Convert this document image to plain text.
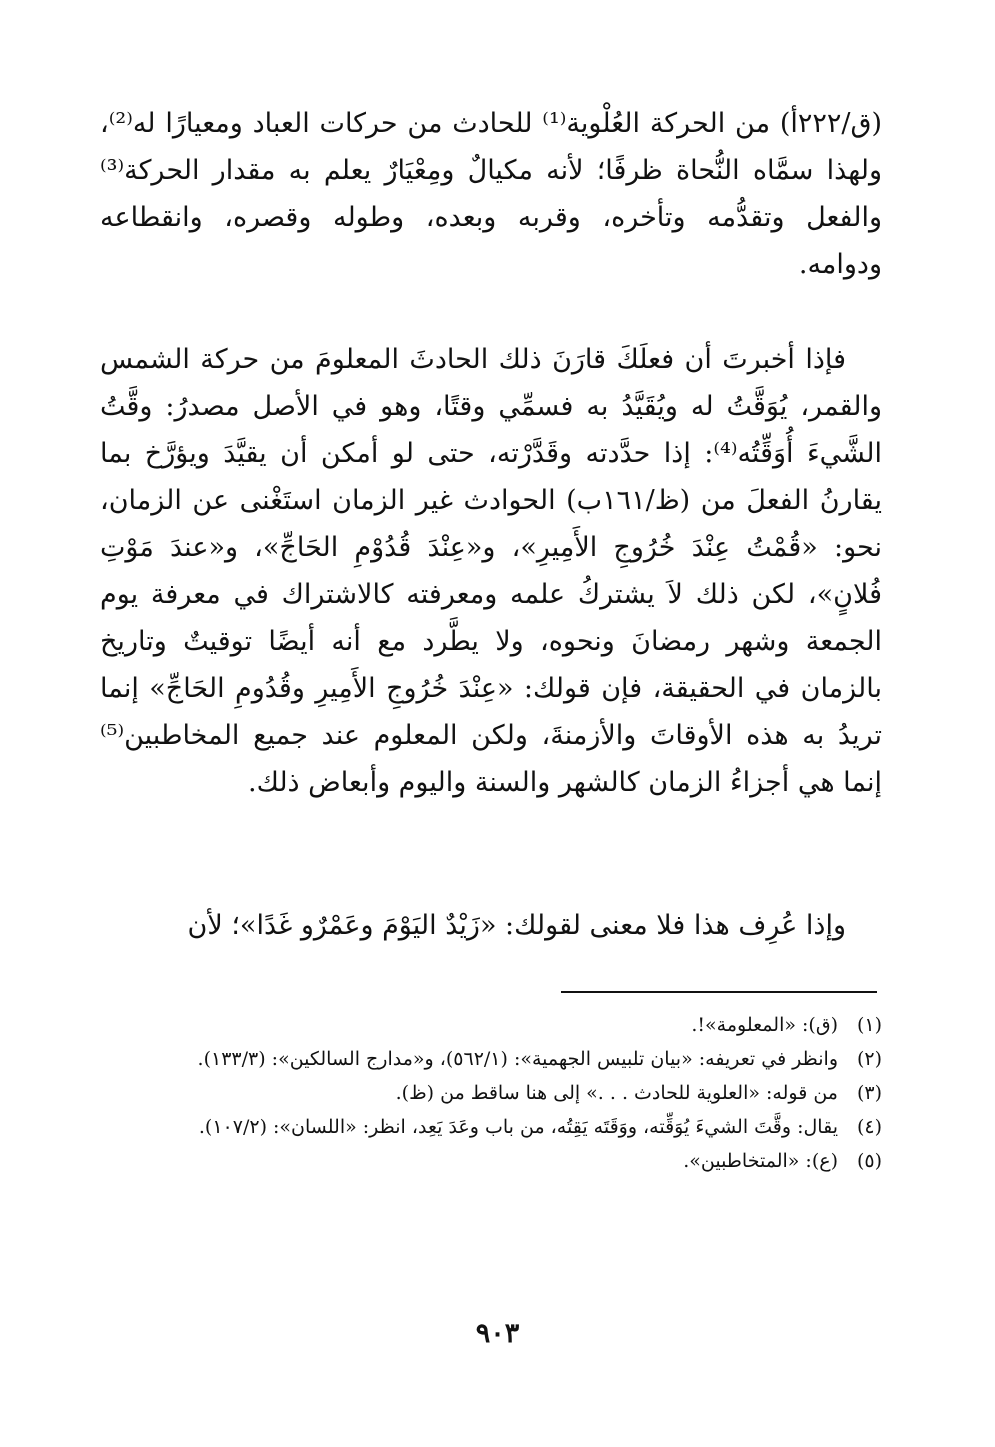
(ق/٢٢٢أ) من الحركة العُلْوية⁽¹⁾ للحادث من حركات العباد ومعيارًا له⁽²⁾، ولهذا سمَّاه النُّحاة ظرفًا؛ لأنه مكيالٌ ومِعْيَارٌ يعلم به مقدار الحركة⁽³⁾ والفعل وتقدُّمه وتأخره، وقربه وبعده، وطوله وقصره، وانقطاعه ودوامه.

فإذا أخبرتَ أن فعلَكَ قارَنَ ذلك الحادثَ المعلومَ من حركة الشمس والقمر، يُوَقَّتُ له ويُقَيَّدُ به فسمِّي وقتًا، وهو في الأصل مصدرُ: وقَّتُ الشَّيءَ أُوَقِّتُه⁽⁴⁾: إذا حدَّدته وقَدَّرْته، حتى لو أمكن أن يقيَّدَ ويؤرَّخ بما يقارنُ الفعلَ من (ظ/١٦١ب) الحوادث غير الزمان استَغْنى عن الزمان، نحو: «قُمْتُ عِنْدَ خُرُوجِ الأَمِيرِ»، و«عِنْدَ قُدُوْمِ الحَاجِّ»، و«عندَ مَوْتِ فُلانٍ»، لكن ذلك لاَ يشتركُ علمه ومعرفته كالاشتراك في معرفة يوم الجمعة وشهر رمضانَ ونحوه، ولا يطَّرد مع أنه أيضًا توقيتٌ وتاريخ بالزمان في الحقيقة، فإن قولك: «عِنْدَ خُرُوجِ الأَمِيرِ وقُدُومِ الحَاجِّ» إنما تريدُ به هذه الأوقاتَ والأزمنةَ، ولكن المعلوم عند جميع المخاطبين⁽⁵⁾ إنما هي أجزاءُ الزمان كالشهر والسنة واليوم وأبعاض ذلك.

وإذا عُرِف هذا فلا معنى لقولك: «زَيْدٌ اليَوْمَ وعَمْرٌو غَدًا»؛ لأن

(١)
(ق): «المعلومة»!.
(٢)
وانظر في تعريفه: «بيان تلبيس الجهمية»: (٥٦٢/١)، و«مدارج السالكين»: (١٣٣/٣).
(٣)
من قوله: «العلوية للحادث . . .» إلى هنا ساقط من (ظ).
(٤)
يقال: وقَّتَ الشيءَ يُوَقِّته، ووَقَتَه يَقِتُه، من باب وعَدَ يَعِد، انظر: «اللسان»: (١٠٧/٢).
(٥)
(ع): «المتخاطبين».
٩٠٣
